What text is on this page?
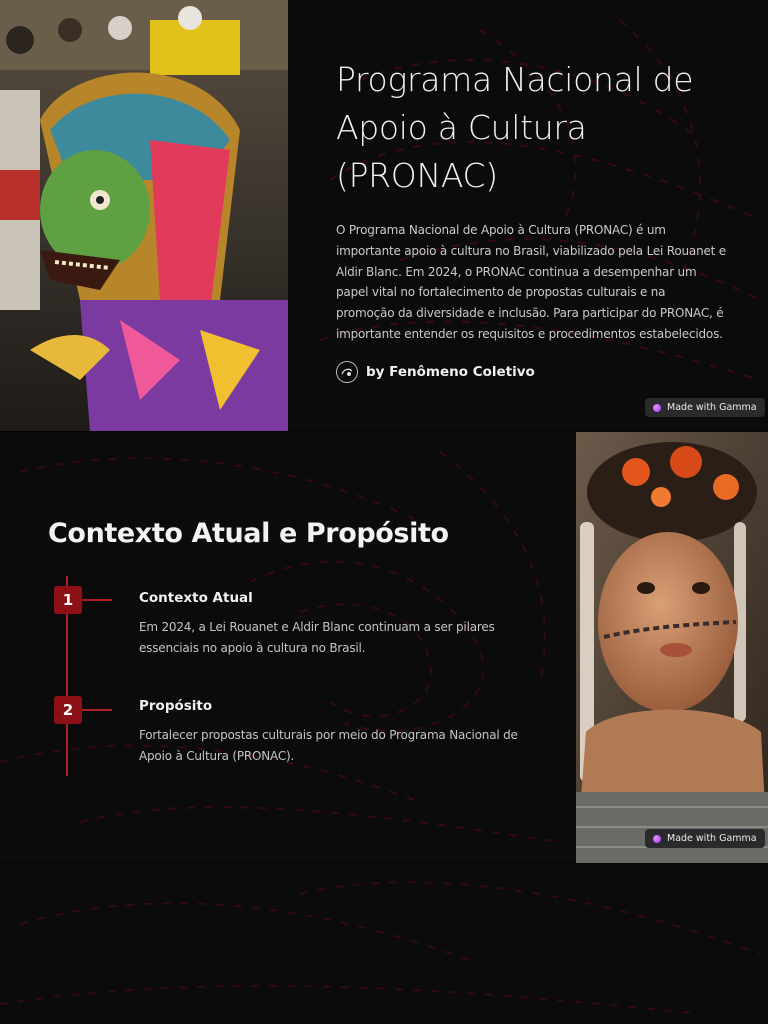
Programa Nacional de Apoio à Cultura (PRONAC)
O Programa Nacional de Apoio à Cultura (PRONAC) é um importante apoio à cultura no Brasil, viabilizado pela Lei Rouanet e Aldir Blanc. Em 2024, o PRONAC continua a desempenhar um papel vital no fortalecimento de propostas culturais e na promoção da diversidade e inclusão. Para participar do PRONAC, é importante entender os requisitos e procedimentos estabelecidos.
by Fenômeno Coletivo
Made with Gamma
Contexto Atual e Propósito
Made with Gamma
1	Contexto Atual
Em 2024, a Lei Rouanet e Aldir Blanc continuam a ser pilares essenciais no apoio à cultura no Brasil.
2	Propósito
Fortalecer propostas culturais por meio do Programa Nacional de Apoio à Cultura (PRONAC).
